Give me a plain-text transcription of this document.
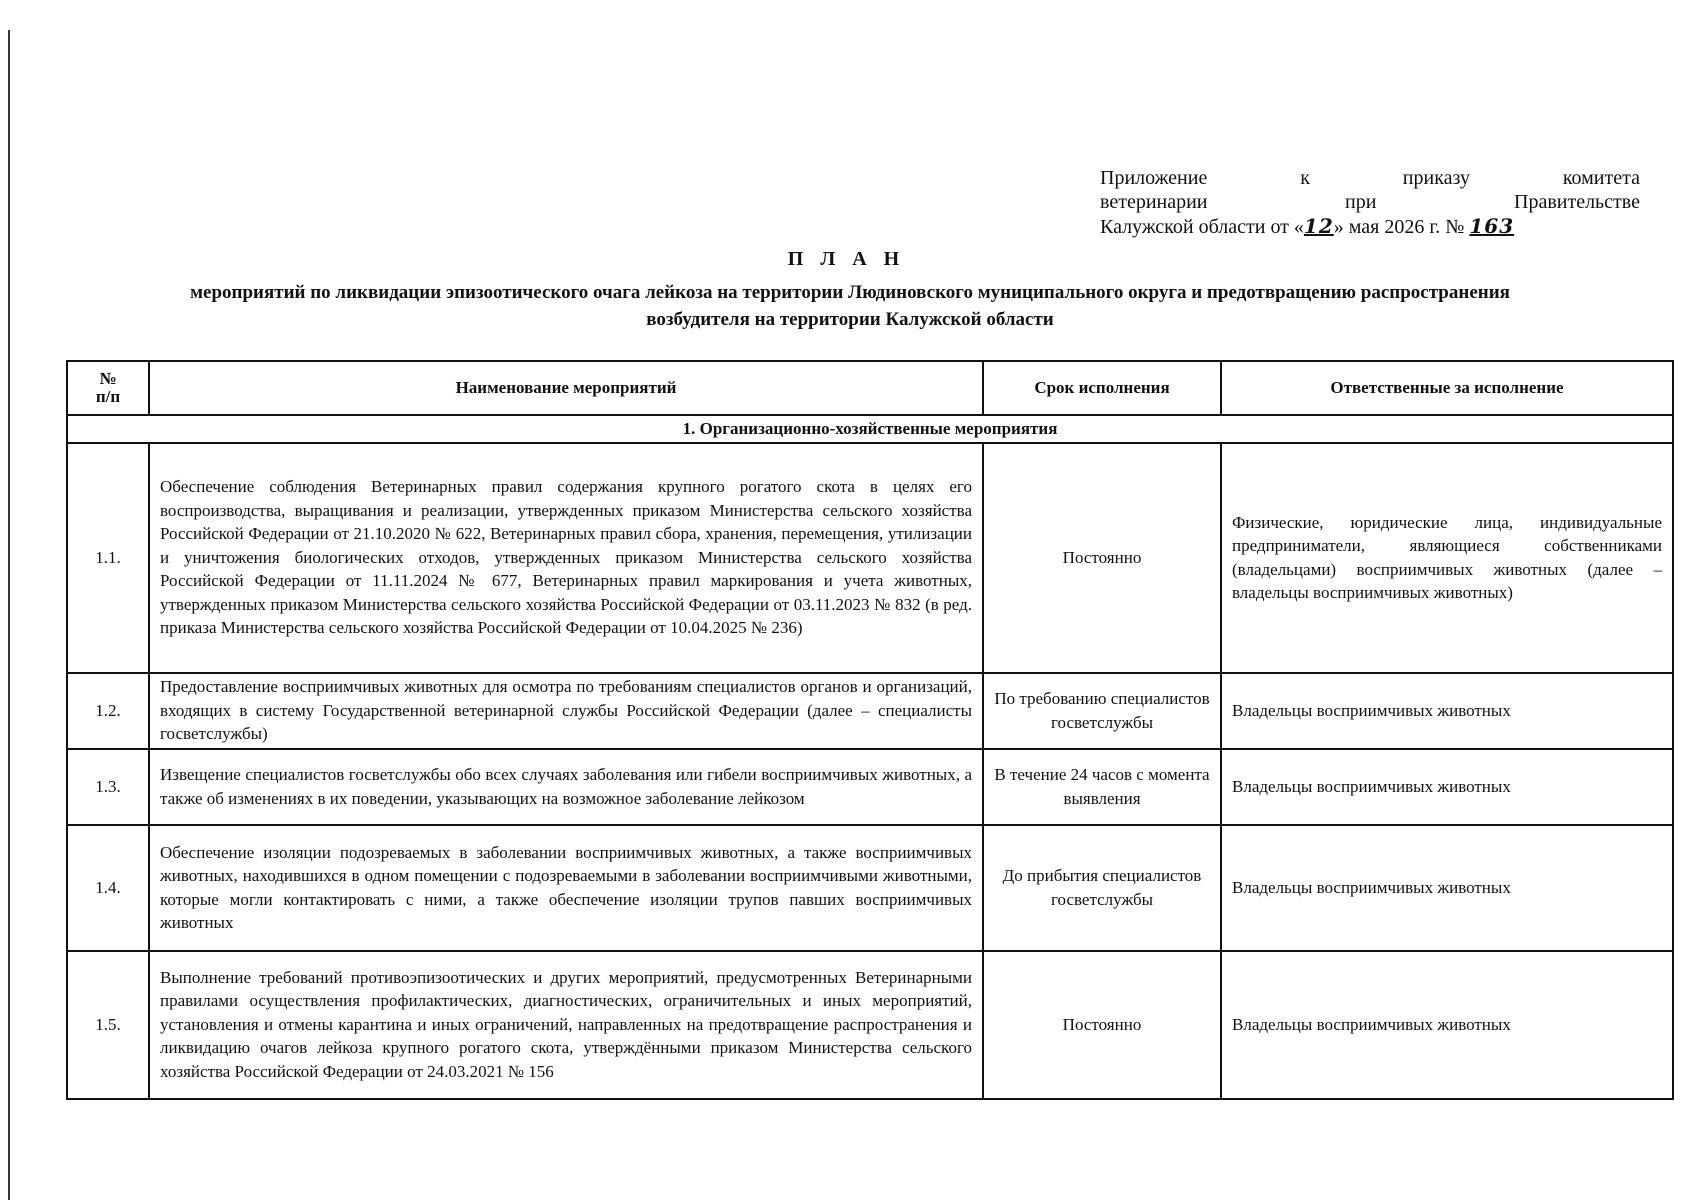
Приложение к приказу комитета
ветеринарии при Правительстве
Калужской области от «12» мая 2026 г. № 163
П Л А Н
мероприятий по ликвидации эпизоотического очага лейкоза на территории Людиновского муниципального округа и предотвращению распространения возбудителя на территории Калужской области
№
п/п	Наименование мероприятий	Срок исполнения	Ответственные за исполнение
1. Организационно-хозяйственные мероприятия			
1.1.	Обеспечение соблюдения Ветеринарных правил содержания крупного рогатого скота в целях его воспроизводства, выращивания и реализации, утвержденных приказом Министерства сельского хозяйства Российской Федерации от 21.10.2020 № 622, Ветеринарных правил сбора, хранения, перемещения, утилизации и уничтожения биологических отходов, утвержденных приказом Министерства сельского хозяйства Российской Федерации от 11.11.2024 № 677, Ветеринарных правил маркирования и учета животных, утвержденных приказом Министерства сельского хозяйства Российской Федерации от 03.11.2023 № 832 (в ред. приказа Министерства сельского хозяйства Российской Федерации от 10.04.2025 № 236)	Постоянно	Физические, юридические лица, индивидуальные предприниматели, являющиеся собственниками (владельцами) восприимчивых животных (далее – владельцы восприимчивых животных)
1.2.	Предоставление восприимчивых животных для осмотра по требованиям специалистов органов и организаций, входящих в систему Государственной ветеринарной службы Российской Федерации (далее – специалисты госветслужбы)	По требованию специалистов госветслужбы	Владельцы восприимчивых животных
1.3.	Извещение специалистов госветслужбы обо всех случаях заболевания или гибели восприимчивых животных, а также об изменениях в их поведении, указывающих на возможное заболевание лейкозом	В течение 24 часов с момента выявления	Владельцы восприимчивых животных
1.4.	Обеспечение изоляции подозреваемых в заболевании восприимчивых животных, а также восприимчивых животных, находившихся в одном помещении с подозреваемыми в заболевании восприимчивыми животными, которые могли контактировать с ними, а также обеспечение изоляции трупов павших восприимчивых животных	До прибытия специалистов госветслужбы	Владельцы восприимчивых животных
1.5.	Выполнение требований противоэпизоотических и других мероприятий, предусмотренных Ветеринарными правилами осуществления профилактических, диагностических, ограничительных и иных мероприятий, установления и отмены карантина и иных ограничений, направленных на предотвращение распространения и ликвидацию очагов лейкоза крупного рогатого скота, утверждёнными приказом Министерства сельского хозяйства Российской Федерации от 24.03.2021 № 156	Постоянно	Владельцы восприимчивых животных
